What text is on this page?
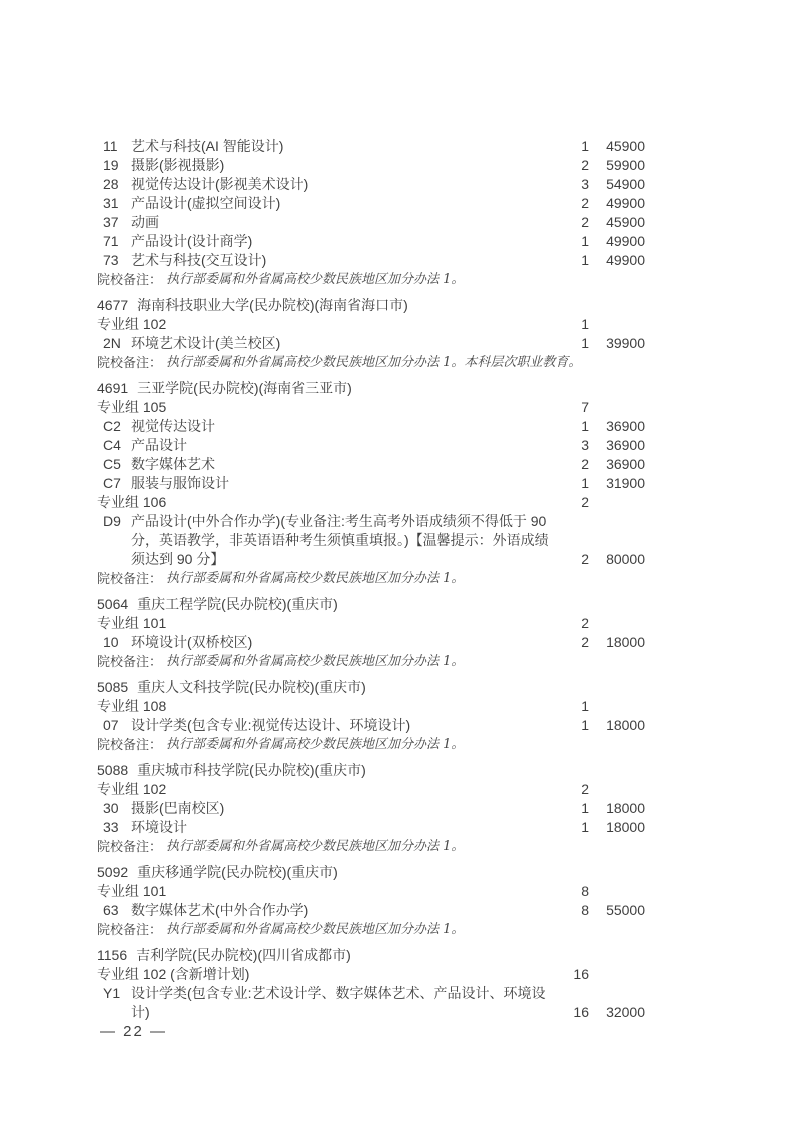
11 艺术与科技(AI 智能设计)	1	45900
19 摄影(影视摄影)	2	59900
28 视觉传达设计(影视美术设计)	3	54900
31 产品设计(虚拟空间设计)	2	49900
37 动画	2	45900
71 产品设计(设计商学)	1	49900
73 艺术与科技(交互设计)	1	49900
院校备注： 执行部委属和外省属高校少数民族地区加分办法 1。
4677 海南科技职业大学(民办院校)(海南省海口市)
专业组 102	1
2N 环境艺术设计(美兰校区)	1	39900
院校备注： 执行部委属和外省属高校少数民族地区加分办法 1。本科层次职业教育。
4691 三亚学院(民办院校)(海南省三亚市)
专业组 105	7
C2 视觉传达设计	1	36900
C4 产品设计	3	36900
C5 数字媒体艺术	2	36900
C7 服装与服饰设计	1	31900
专业组 106	2
D9 产品设计(中外合作办学)(专业备注:考生高考外语成绩须不得低于 90 分，英语教学，非英语语种考生须慎重填报。)【温馨提示：外语成绩须达到 90 分】	2	80000
院校备注： 执行部委属和外省属高校少数民族地区加分办法 1。
5064 重庆工程学院(民办院校)(重庆市)
专业组 101	2
10 环境设计(双桥校区)	2	18000
院校备注： 执行部委属和外省属高校少数民族地区加分办法 1。
5085 重庆人文科技学院(民办院校)(重庆市)
专业组 108	1
07 设计学类(包含专业:视觉传达设计、环境设计)	1	18000
院校备注： 执行部委属和外省属高校少数民族地区加分办法 1。
5088 重庆城市科技学院(民办院校)(重庆市)
专业组 102	2
30 摄影(巴南校区)	1	18000
33 环境设计	1	18000
院校备注： 执行部委属和外省属高校少数民族地区加分办法 1。
5092 重庆移通学院(民办院校)(重庆市)
专业组 101	8
63 数字媒体艺术(中外合作办学)	8	55000
院校备注： 执行部委属和外省属高校少数民族地区加分办法 1。
1156 吉利学院(民办院校)(四川省成都市)
专业组 102 (含新增计划)	16
Y1 设计学类(包含专业:艺术设计学、数字媒体艺术、产品设计、环境设计)	16	32000
— 22 —
